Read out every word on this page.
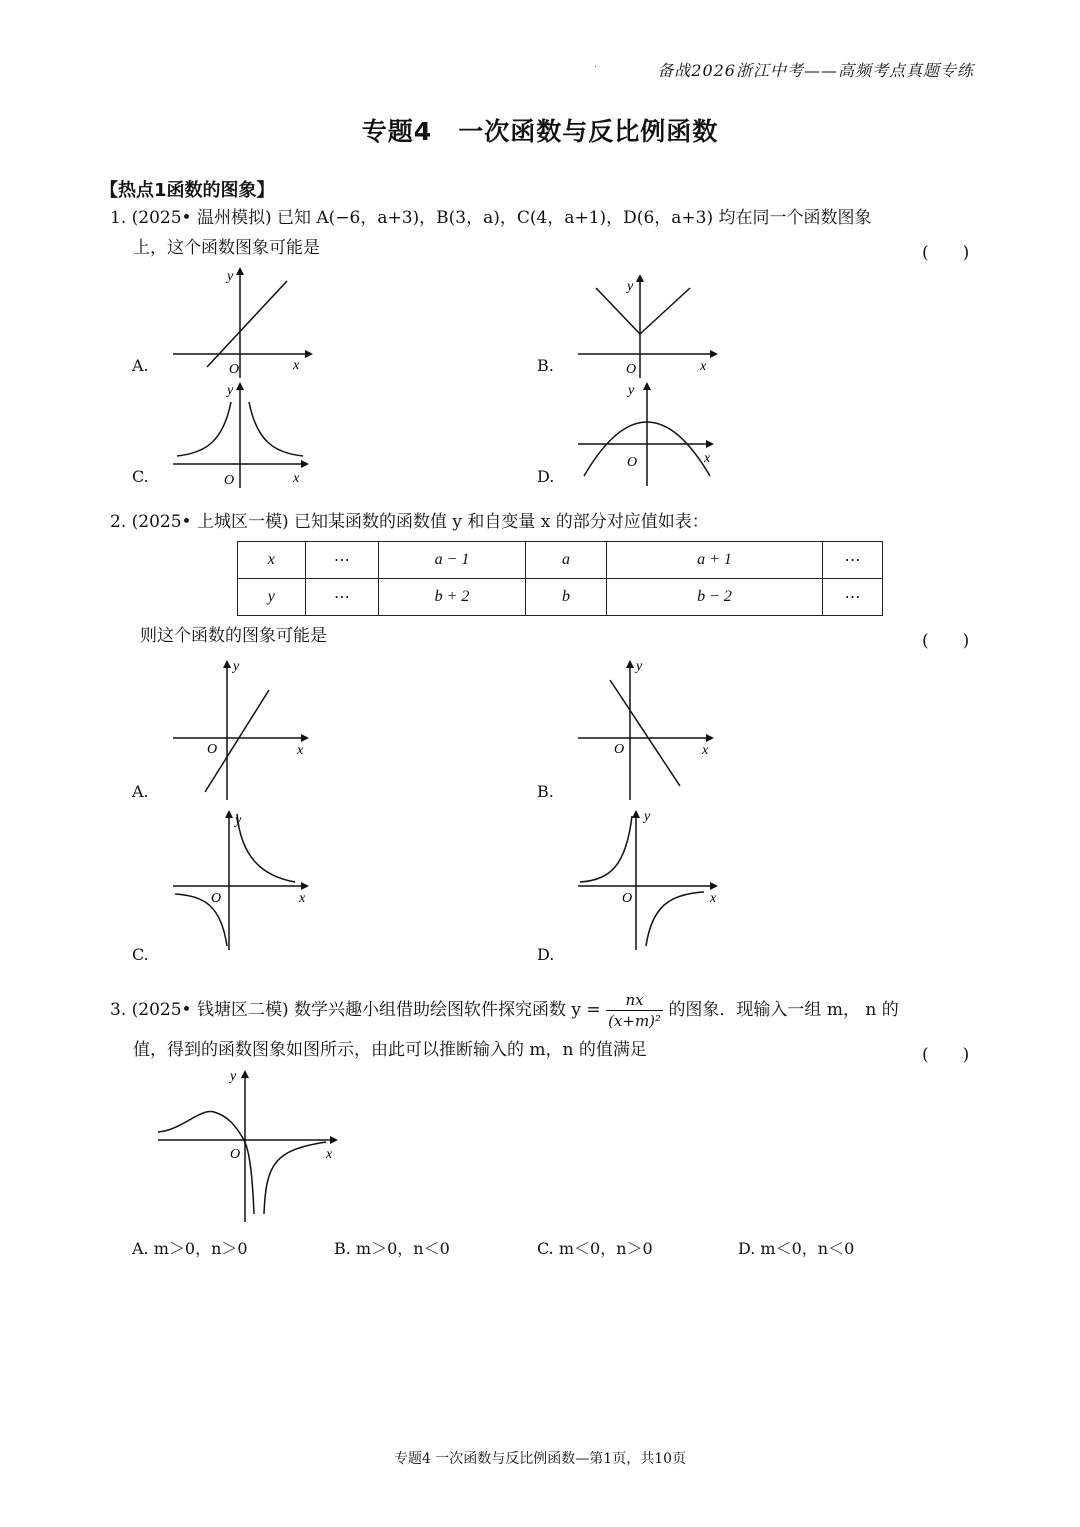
·	备战2026浙江中考——高频考点真题专练
专题4　一次函数与反比例函数
【热点1函数的图象】
1. (2025• 温州模拟) 已知 A(−6，a+3)，B(3，a)，C(4，a+1)，D(6，a+3) 均在同一个函数图象
上，这个函数图象可能是	(　　)
A.	B.
C.	D.
O	x
y
O	x
y
O	x
y
O	x
y
2. (2025• 上城区一模) 已知某函数的函数值 y 和自变量 x 的部分对应值如表：
x	⋯	a − 1	a	a + 1	⋯
y	⋯	b + 2	b	b − 2	⋯
则这个函数的图象可能是	(　　)
A.	B.
C.	D.
O	x
y
O	x
y
O	x
y
O	x
y
3. (2025• 钱塘区二模) 数学兴趣小组借助绘图软件探究函数 $y = \frac{nx}{\text{(x+m)²}}$ 的图象．现输入一组 m， n 的
值，得到的函数图象如图所示，由此可以推断输入的 m，n 的值满足	(　　)
O	x
y
A. m＞0，n＞0	B. m＞0，n＜0	C. m＜0，n＞0	D. m＜0，n＜0
专题4 一次函数与反比例函数—第1页，共10页
